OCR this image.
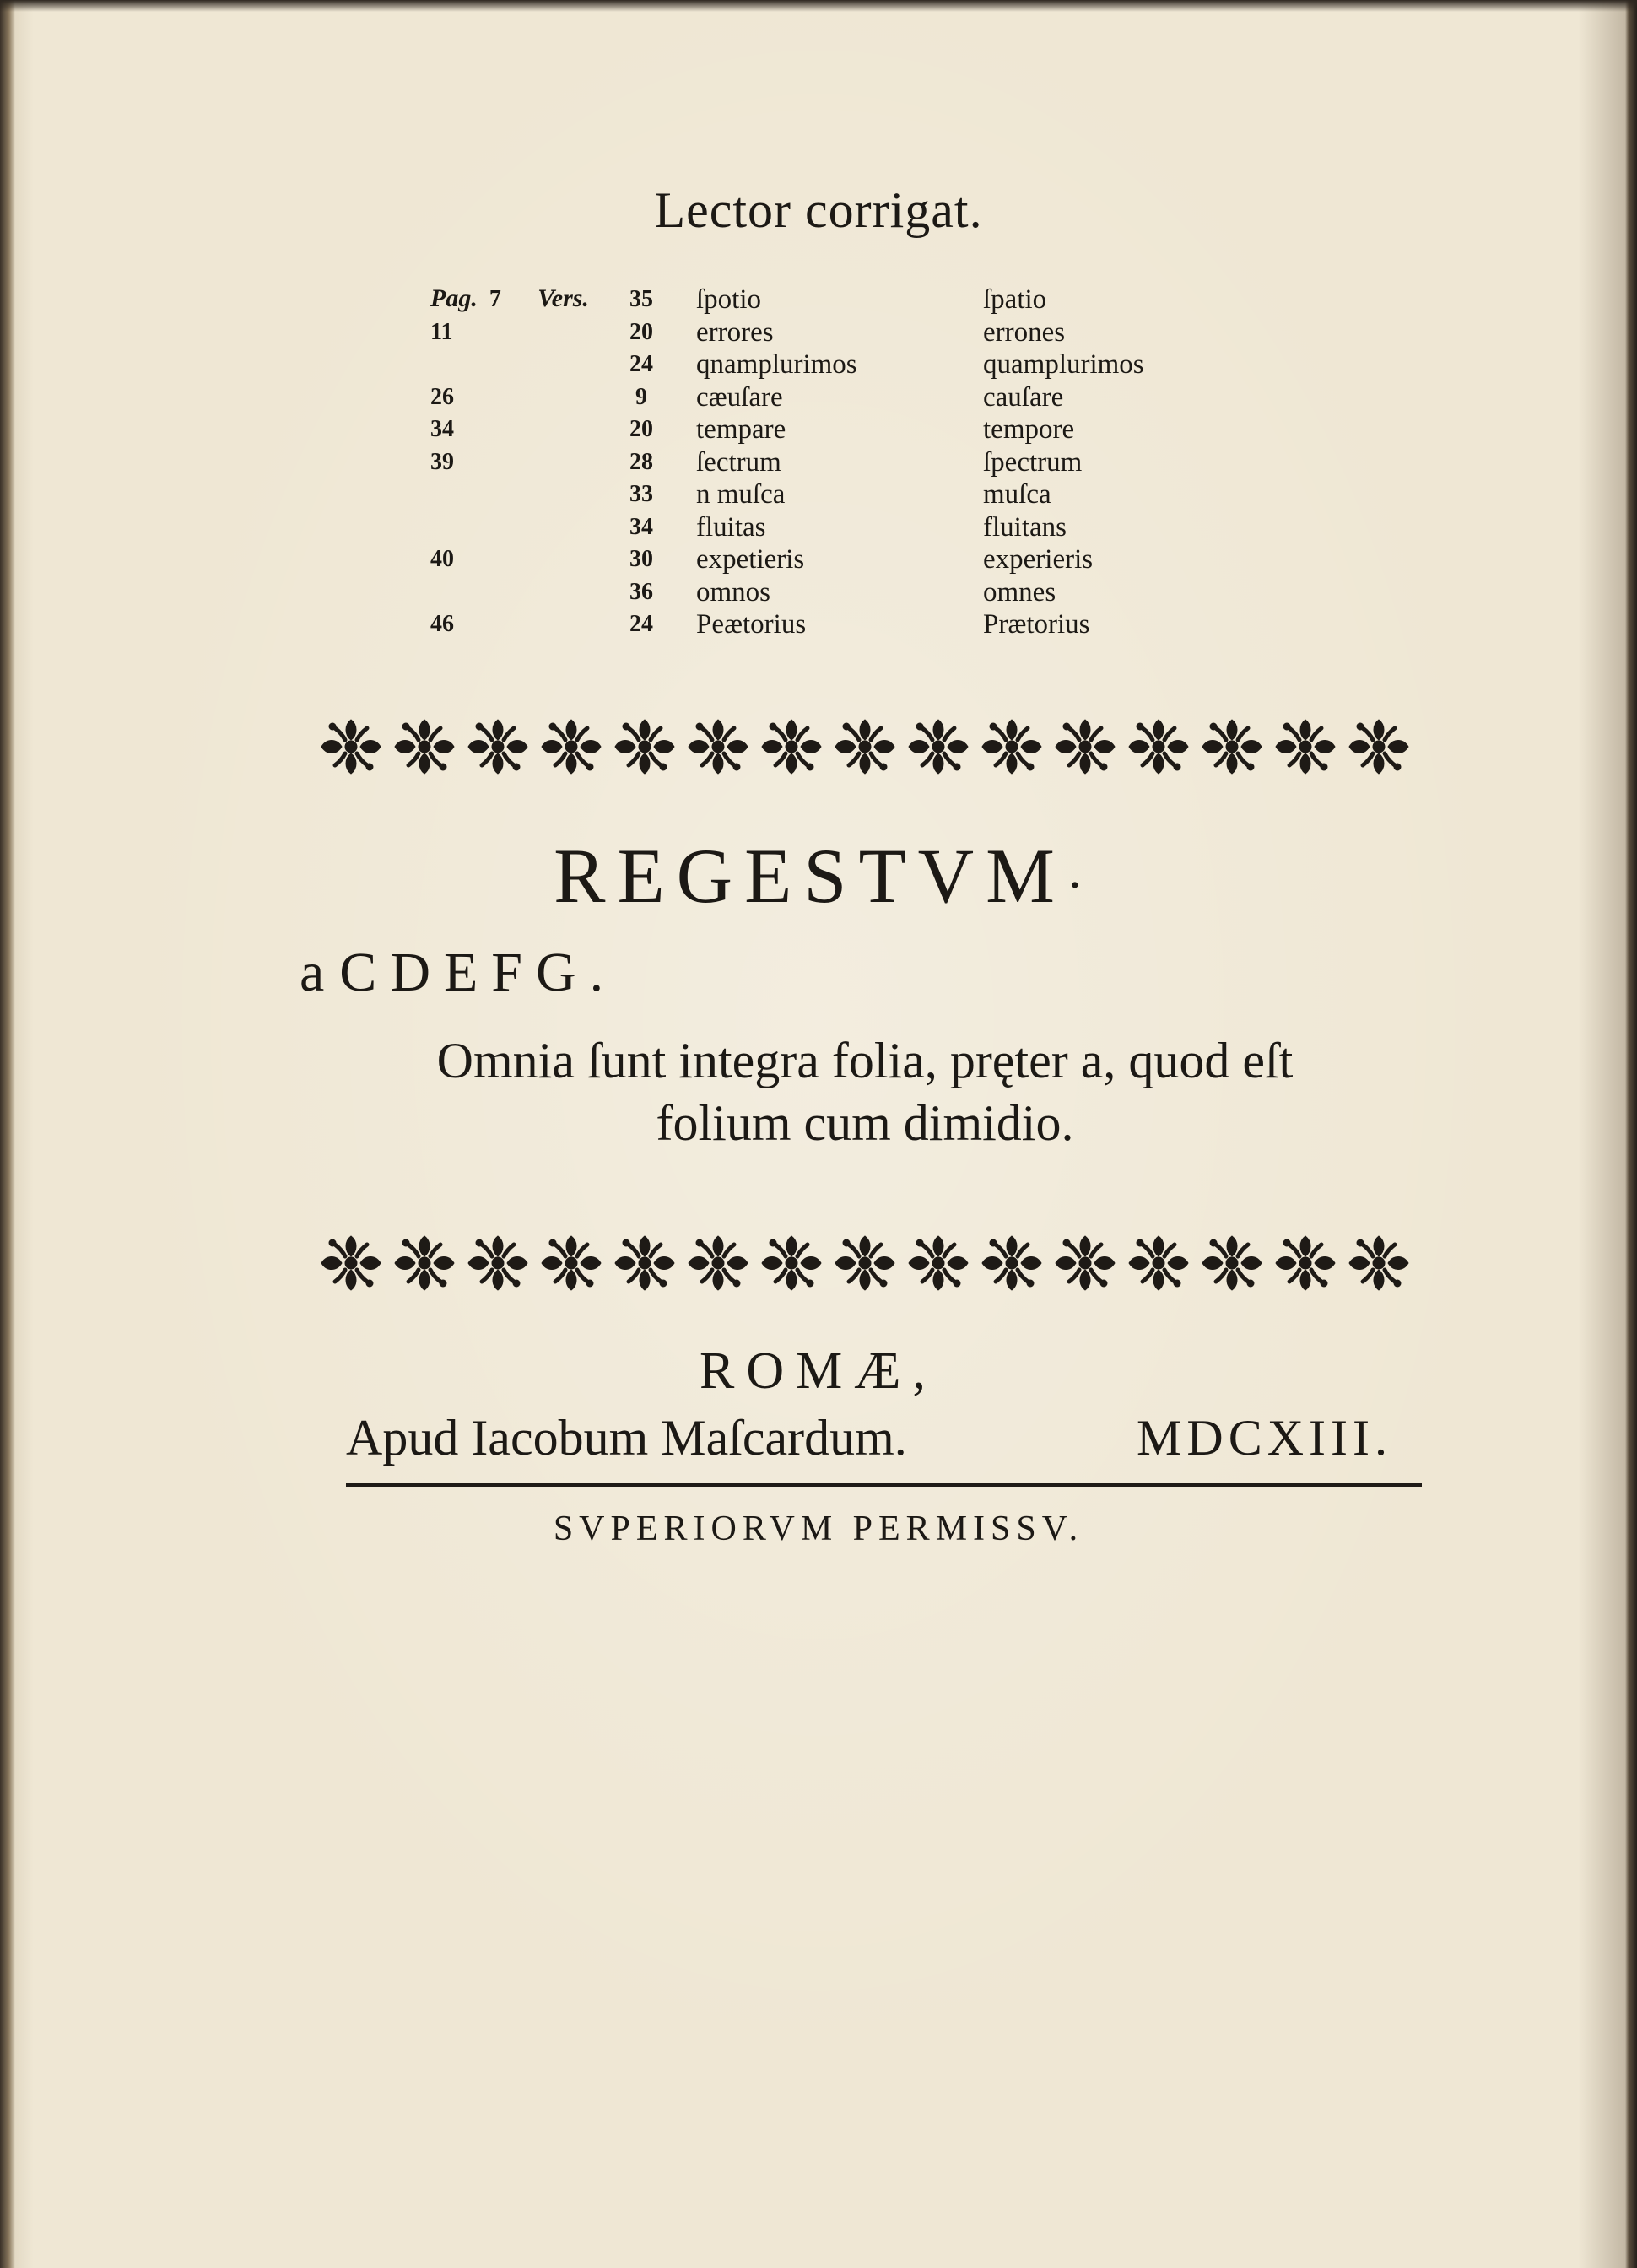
Lector corrigat.
Pag. 7	Vers.	35	ſpotio	ſpatio
11		20	errores	errones
		24	qnamplurimos	quamplurimos
26		9	cæuſare	cauſare
34		20	tempare	tempore
39		28	ſectrum	ſpectrum
		33	n muſca	muſca
		34	fluitas	fluitans
40		30	expetieris	experieris
		36	omnos	omnes
46		24	Peætorius	Prætorius
REGESTVM·
a CDEFG.
Omnia ſunt integra folia, pręter a, quod eſt
folium cum dimidio.
ROMÆ,
Apud Iacobum Maſcardum.	MDCXIII.
SVPERIORVM PERMISSV.
